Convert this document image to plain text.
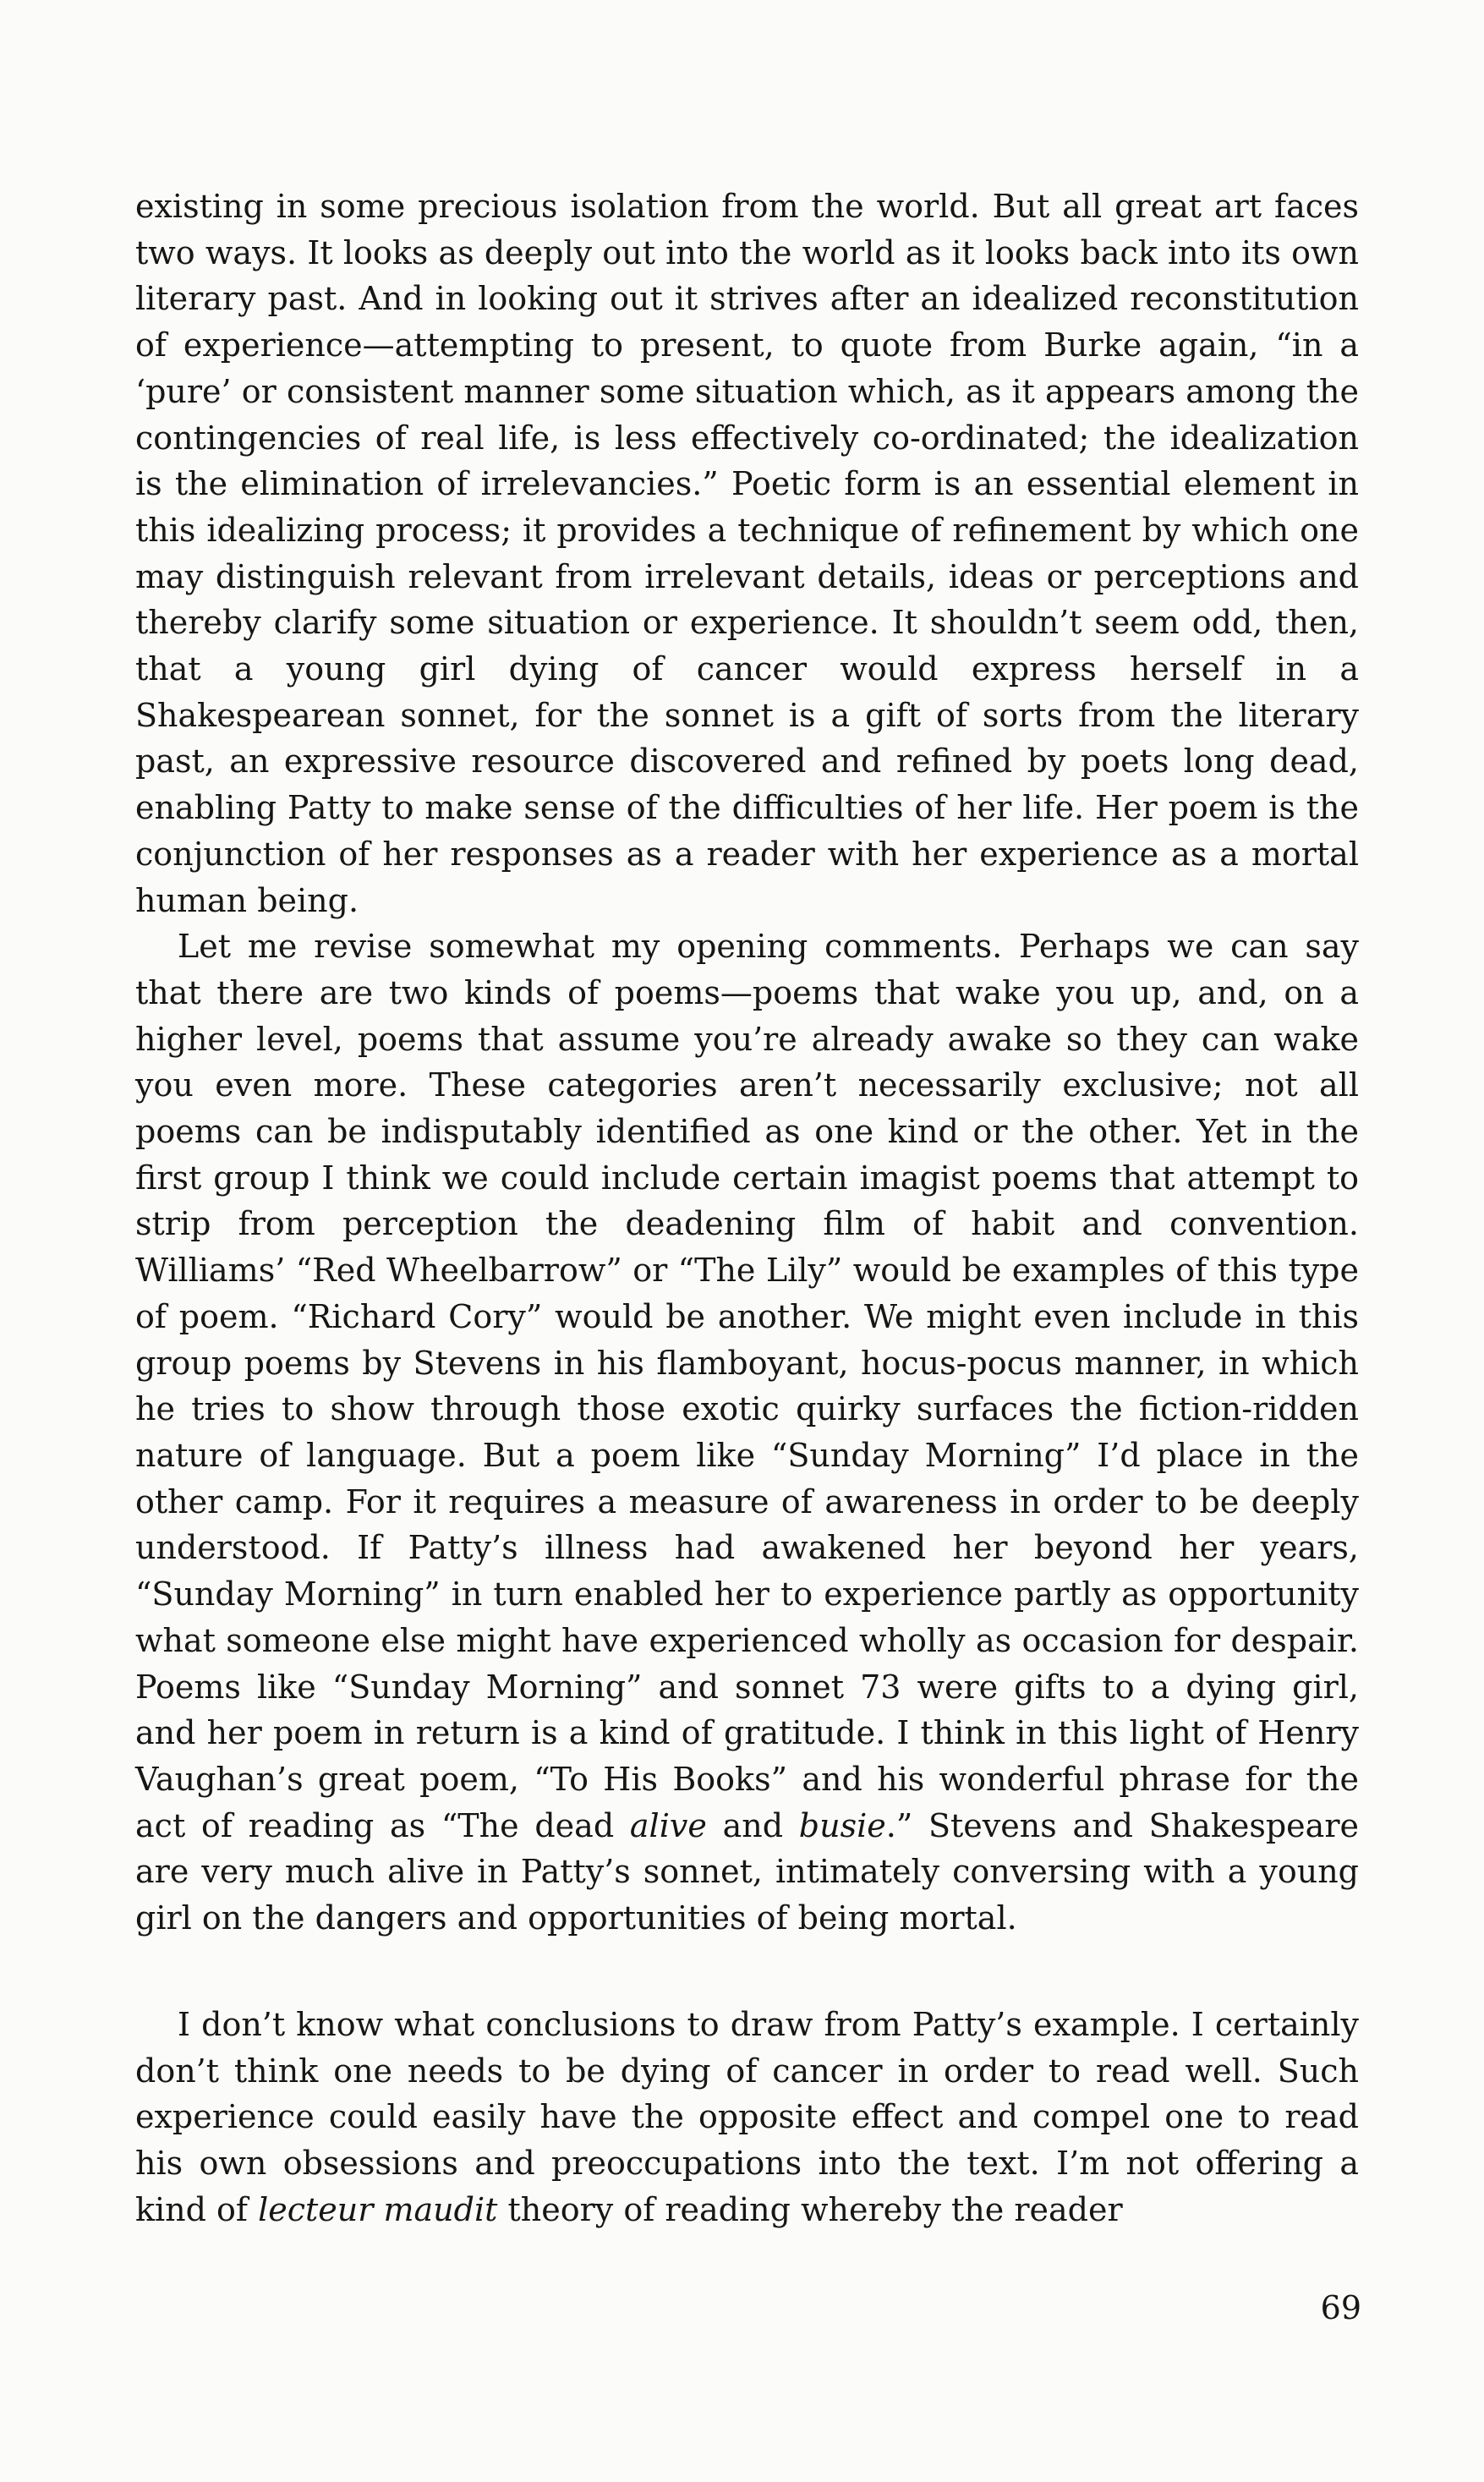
existing in some precious isolation from the world. But all great art faces two ways. It looks as deeply out into the world as it looks back into its own literary past. And in looking out it strives after an idealized reconstitution of experience—attempting to present, to quote from Burke again, “in a ‘pure’ or consistent manner some situation which, as it appears among the contingencies of real life, is less effectively co-ordinated; the idealization is the elimination of irrelevancies.” Poetic form is an essential element in this idealizing process; it provides a technique of refinement by which one may distinguish relevant from irrelevant details, ideas or perceptions and thereby clarify some situation or experience. It shouldn’t seem odd, then, that a young girl dying of cancer would express herself in a Shakespearean sonnet, for the sonnet is a gift of sorts from the literary past, an expressive resource discovered and refined by poets long dead, enabling Patty to make sense of the difficulties of her life. Her poem is the conjunction of her responses as a reader with her experience as a mortal human being.

Let me revise somewhat my opening comments. Perhaps we can say that there are two kinds of poems—poems that wake you up, and, on a higher level, poems that assume you’re already awake so they can wake you even more. These categories aren’t necessarily exclusive; not all poems can be indisputably identified as one kind or the other. Yet in the first group I think we could include certain imagist poems that attempt to strip from perception the deadening film of habit and convention. Williams’ “Red Wheelbarrow” or “The Lily” would be examples of this type of poem. “Richard Cory” would be another. We might even include in this group poems by Stevens in his flamboyant, hocus-pocus manner, in which he tries to show through those exotic quirky surfaces the fiction-ridden nature of language. But a poem like “Sunday Morning” I’d place in the other camp. For it requires a measure of awareness in order to be deeply understood. If Patty’s illness had awakened her beyond her years, “Sunday Morning” in turn enabled her to experience partly as opportunity what someone else might have experienced wholly as occasion for despair. Poems like “Sunday Morning” and sonnet 73 were gifts to a dying girl, and her poem in return is a kind of gratitude. I think in this light of Henry Vaughan’s great poem, “To His Books” and his wonderful phrase for the act of reading as “The dead alive and busie.” Stevens and Shakespeare are very much alive in Patty’s sonnet, intimately conversing with a young girl on the dangers and opportunities of being mortal.

I don’t know what conclusions to draw from Patty’s example. I certainly don’t think one needs to be dying of cancer in order to read well. Such experience could easily have the opposite effect and compel one to read his own obsessions and preoccupations into the text. I’m not offering a kind of lecteur maudit theory of reading whereby the reader

69
